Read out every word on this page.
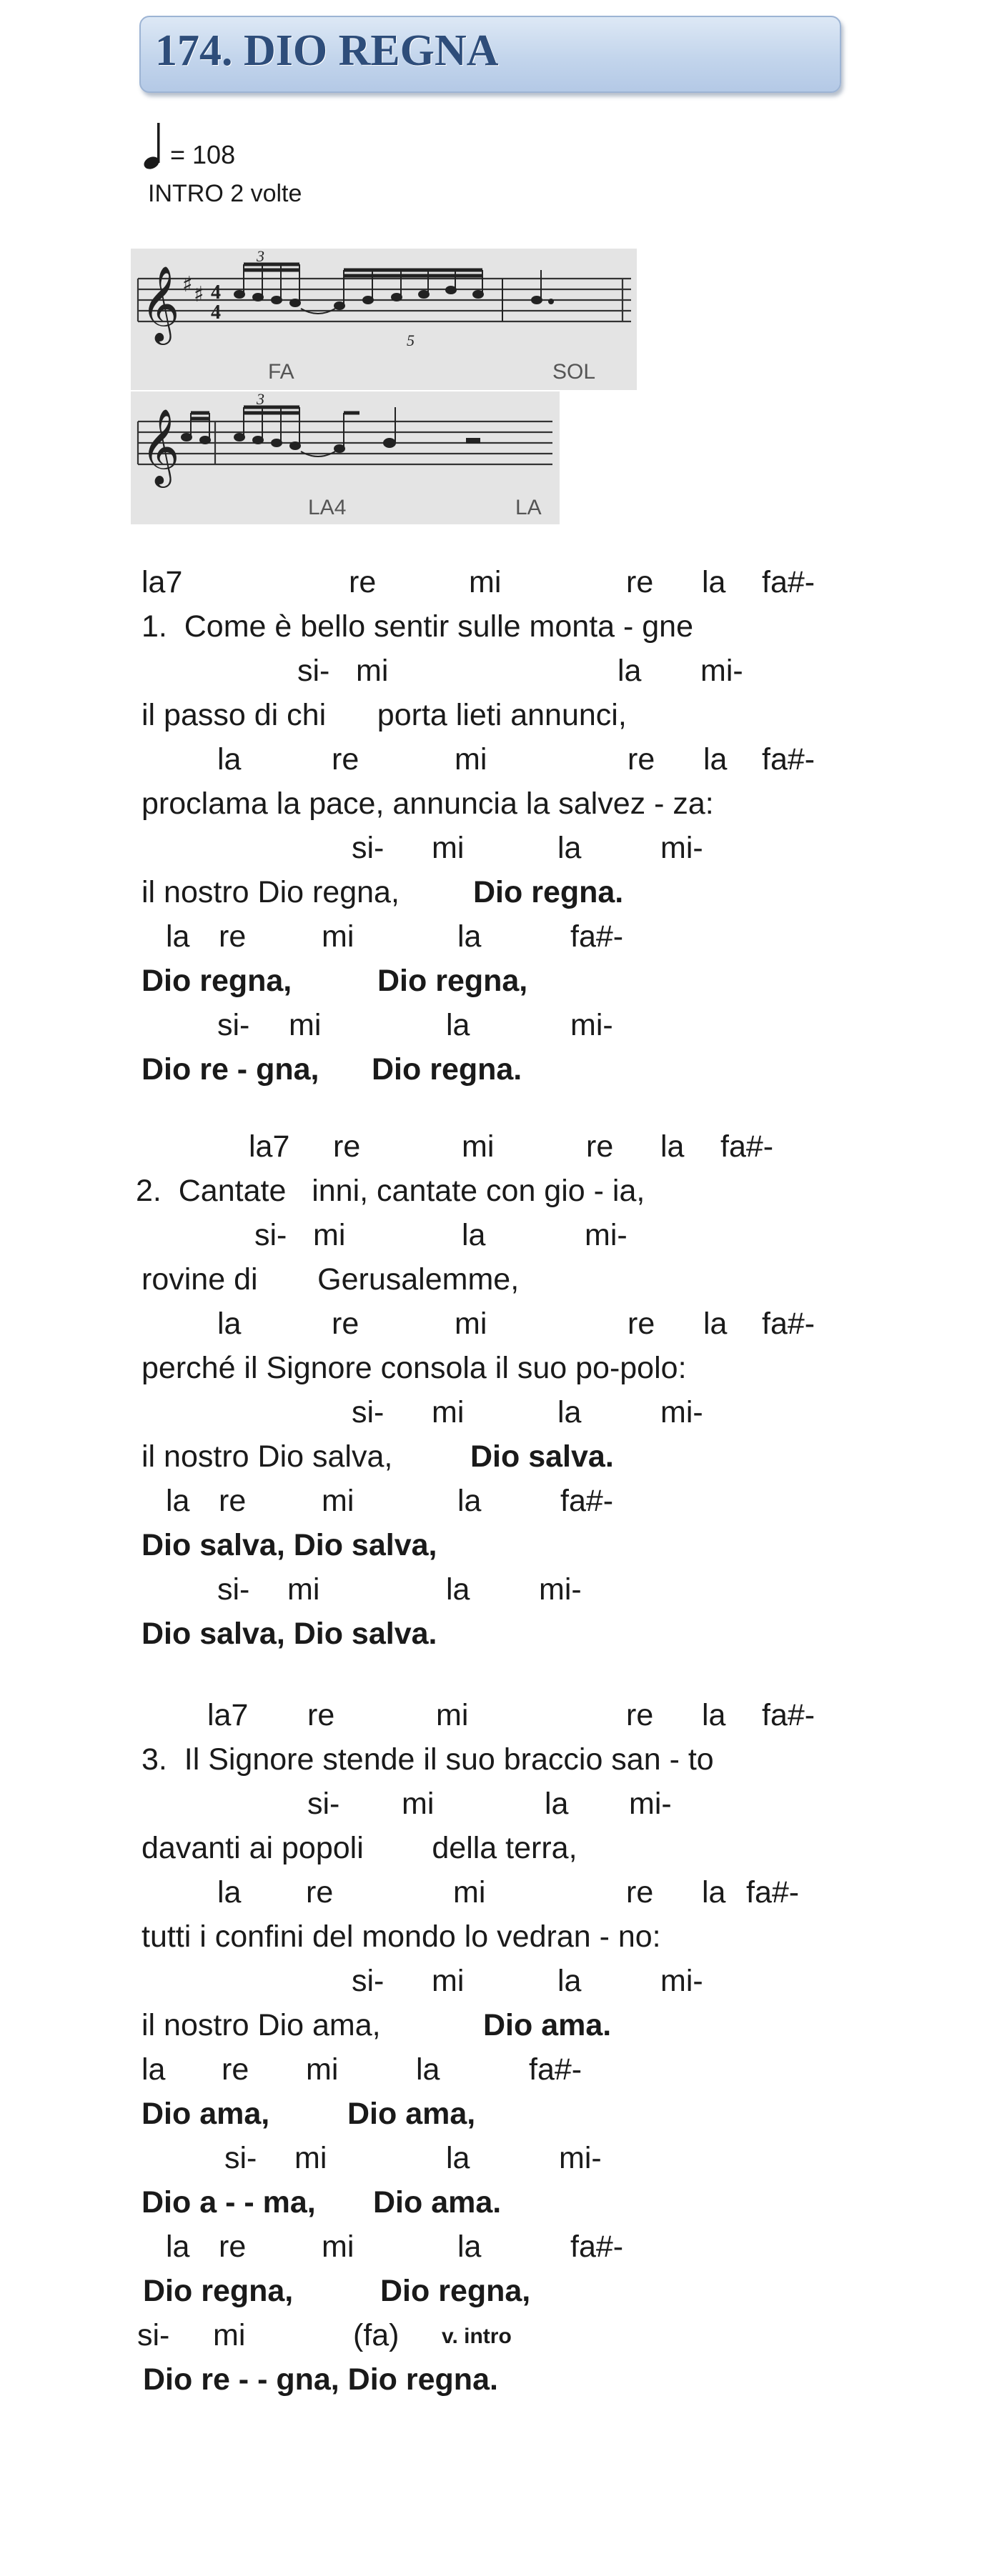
174. DIO REGNA
= 108
INTRO 2 volte
𝄞 ♯ ♯ 4
4
3
5
FA	SOL
𝄞
3
LA4	LA
la7	re	mi	re la fa#-
1.  Come è bello sentir sulle monta - gne
si- mi	la mi-
il passo di chi      porta lieti annunci,
la	re	mi	re la fa#-
proclama la pace, annuncia la salvez - za:
si- mi	la	mi-
il nostro Dio regna, Dio regna.
la re mi	la	fa#-
Dio regna,	Dio regna,
si- mi	la	mi-
Dio re - gna, Dio regna.
la7 re	mi	re la fa#-
2.  Cantate   inni, cantate con gio - ia,
si- mi	la	mi-
rovine di       Gerusalemme,
la	re	mi	re la fa#-
perché il Signore consola il suo po-polo:
si- mi	la	mi-
il nostro Dio salva,	Dio salva.
la re mi	la	fa#-
Dio salva, Dio salva,
si- mi	la mi-
Dio salva, Dio salva.
la7 re	mi	re la fa#-
3.  Il Signore stende il suo braccio san - to
si- mi	la mi-
davanti ai popoli        della terra,
la re	mi	re la fa#-
tutti i confini del mondo lo vedran - no:
si- mi	la	mi-
il nostro Dio ama,	Dio ama.
la re mi	la	fa#-
Dio ama,	Dio ama,
si- mi	la	mi-
Dio a - - ma, Dio ama.
la re mi	la	fa#-
Dio regna,	Dio regna,
si- mi	(fa) v. intro
Dio re - - gna, Dio regna.
